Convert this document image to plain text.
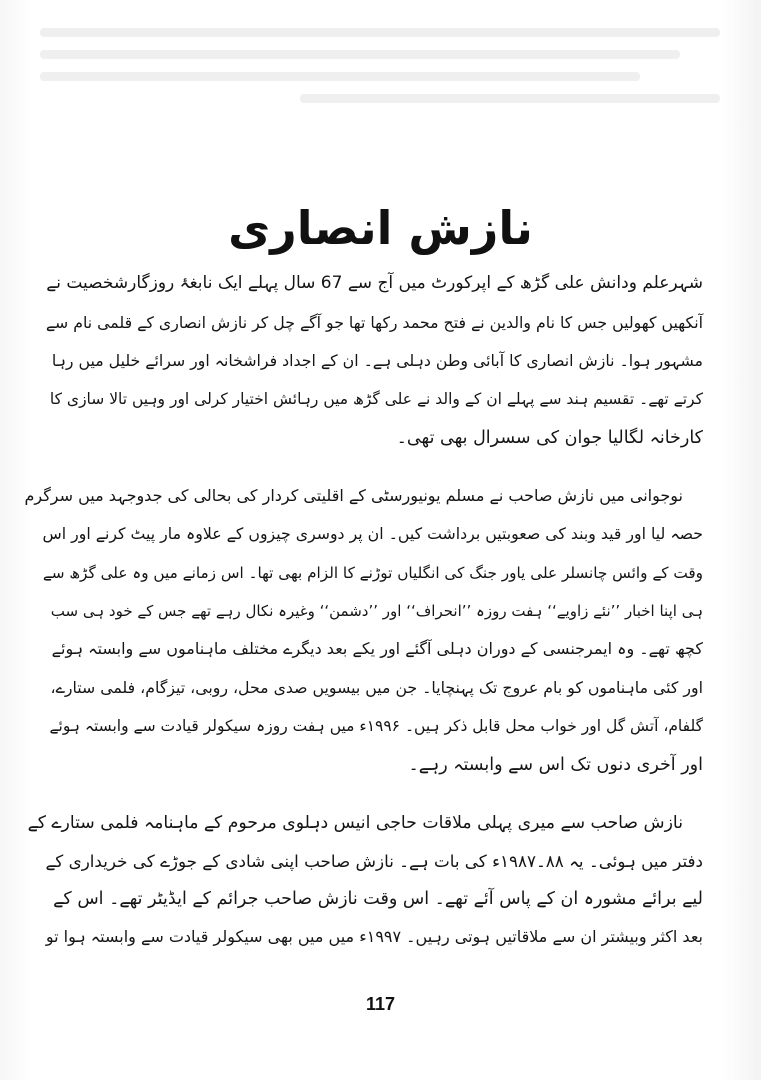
نازش انصاری
شہرعلم ودانش علی گڑھ کے اپرکورٹ میں آج سے 67 سال پہلے ایک نابغۂ روزگارشخصیت نے
آنکھیں کھولیں جس کا نام والدین نے فتح محمد رکھا تھا جو آگے چل کر نازش انصاری کے قلمی نام سے
مشہور ہوا۔ نازش انصاری کا آبائی وطن دہلی ہے۔ ان کے اجداد فراشخانہ اور سرائے خلیل میں رہا
کرتے تھے۔ تقسیم ہند سے پہلے ان کے والد نے علی گڑھ میں رہائش اختیار کرلی اور وہیں تالا سازی کا
کارخانہ لگالیا جوان کی سسرال بھی تھی۔
نوجوانی میں نازش صاحب نے مسلم یونیورسٹی کے اقلیتی کردار کی بحالی کی جدوجہد میں سرگرم
حصہ لیا اور قید وبند کی صعوبتیں برداشت کیں۔ ان پر دوسری چیزوں کے علاوہ مار پیٹ کرنے اور اس
وقت کے وائس چانسلر علی یاور جنگ کی انگلیاں توڑنے کا الزام بھی تھا۔ اس زمانے میں وہ علی گڑھ سے
ہی اپنا اخبار ’’نئے زاویے‘‘ ہفت روزہ ’’انحراف‘‘ اور ’’دشمن‘‘ وغیرہ نکال رہے تھے جس کے خود ہی سب
کچھ تھے۔ وہ ایمرجنسی کے دوران دہلی آگئے اور یکے بعد دیگرے مختلف ماہناموں سے وابستہ ہوئے
اور کئی ماہناموں کو بام عروج تک پہنچایا۔ جن میں بیسویں صدی محل، روبی، تیزگام، فلمی ستارے،
گلفام، آتش گل اور خواب محل قابل ذکر ہیں۔ ۱۹۹۶ء میں ہفت روزہ سیکولر قیادت سے وابستہ ہوئے
اور آخری دنوں تک اس سے وابستہ رہے۔
نازش صاحب سے میری پہلی ملاقات حاجی انیس دہلوی مرحوم کے ماہنامہ فلمی ستارے کے
دفتر میں ہوئی۔ یہ ۸۸۔۱۹۸۷ء کی بات ہے۔ نازش صاحب اپنی شادی کے جوڑے کی خریداری کے
لیے برائے مشورہ ان کے پاس آئے تھے۔ اس وقت نازش صاحب جرائم کے ایڈیٹر تھے۔ اس کے
بعد اکثر وبیشتر ان سے ملاقاتیں ہوتی رہیں۔ ۱۹۹۷ء میں میں بھی سیکولر قیادت سے وابستہ ہوا تو
117
